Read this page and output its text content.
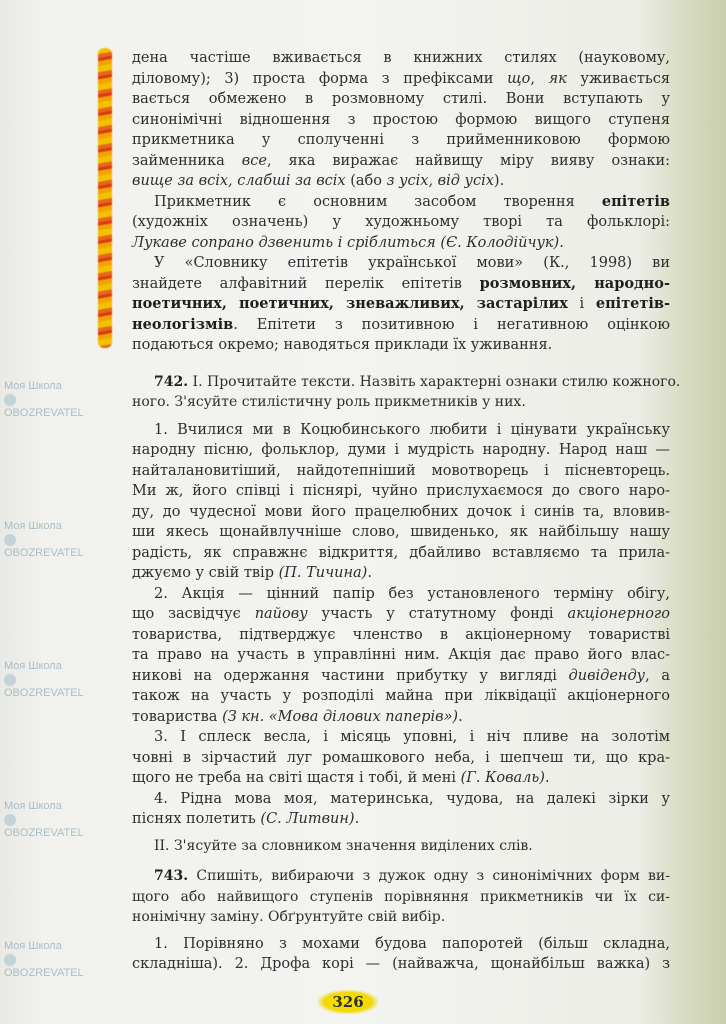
Моя Школа
OBOZREVATEL
Моя Школа
OBOZREVATEL
Моя Школа
OBOZREVATEL
Моя Школа
OBOZREVATEL
Моя Школа
OBOZREVATEL
дена частіше вживається в книжних стилях (науковому,
діловому); 3) проста форма з префіксами що, як уживається
вається обмежено в розмовному стилі. Вони вступають у
синонімічні відношення з простою формою вищого ступеня
прикметника у сполученні з прийменниковою формою
займенника все, яка виражає найвищу міру вияву ознаки:
вище за всіх, слабші за всіх (або з усіх, від усіх).
Прикметник є основним засобом творення епітетів
(художніх означень) у художньому творі та фольклорі:
Лукаве сопрано дзвенить і сріблиться (Є. Колодійчук).
У «Словнику епітетів української мови» (К., 1998) ви
знайдете алфавітний перелік епітетів розмовних, народно-
поетичних, поетичних, зневажливих, застарілих і епітетів-
неологізмів. Епітети з позитивною і негативною оцінкою
подаються окремо; наводяться приклади їх уживання.
742. І. Прочитайте тексти. Назвіть характерні ознаки стилю кожного.
ного. З'ясуйте стилістичну роль прикметників у них.
1. Вчилися ми в Коцюбинського любити і цінувати українську
народну пісню, фольклор, думи і мудрість народну. Народ наш —
найталановитіший, найдотепніший мовотворець і пісневторець.
Ми ж, його співці і піснярі, чуйно прислухаємося до свого наро-
ду, до чудесної мови його працелюбних дочок і синів та, вловив-
ши якесь щонайвлучніше слово, швиденько, як найбільшу нашу
радість, як справжнє відкриття, дбайливо вставляємо та прила-
джуємо у свій твір (П. Тичина).
2. Акція — цінний папір без установленого терміну обігу,
що засвідчує пайову участь у статутному фонді акціонерного
товариства, підтверджує членство в акціонерному товаристві
та право на участь в управлінні ним. Акція дає право його влас-
никові на одержання частини прибутку у вигляді дивіденду, а
також на участь у розподілі майна при ліквідації акціонерного
товариства (З кн. «Мова ділових паперів»).
3. І сплеск весла, і місяць уповні, і ніч пливе на золотім
човні в зірчастий луг ромашкового неба, і шепчеш ти, що кра-
щого не треба на світі щастя і тобі, й мені (Г. Коваль).
4. Рідна мова моя, материнська, чудова, на далекі зірки у
піснях полетить (С. Литвин).
II. З'ясуйте за словником значення виділених слів.
743. Спишіть, вибираючи з дужок одну з синонімічних форм ви-
щого або найвищого ступенів порівняння прикметників чи їх си-
нонімічну заміну. Обґрунтуйте свій вибір.
1. Порівняно з мохами будова папоротей (більш складна,
складніша). 2. Дрофа корі — (найважча, щонайбільш важка) з
326
